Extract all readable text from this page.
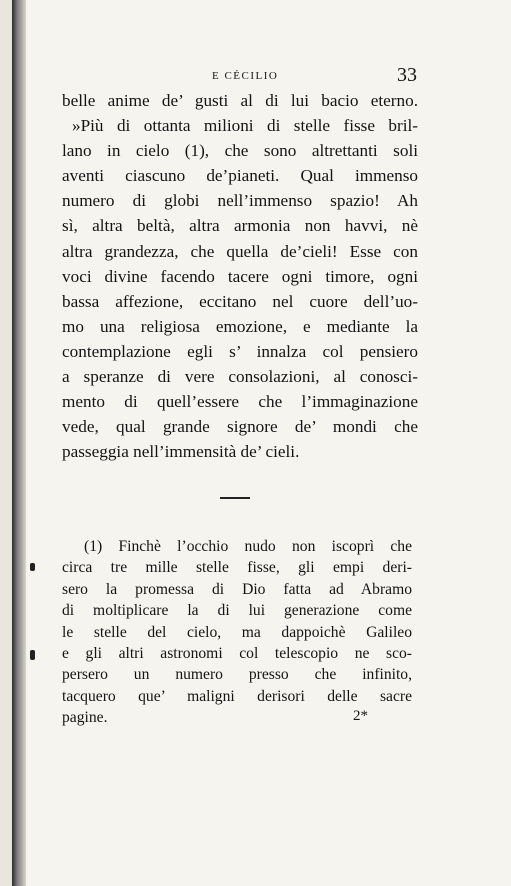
E CÉCILIO	33
belle anime de’ gusti al di lui bacio eterno.
»Più di ottanta milioni di stelle fisse bril-
lano in cielo (1), che sono altrettanti soli
aventi ciascuno de’pianeti. Qual immenso
numero di globi nell’immenso spazio! Ah
sì, altra beltà, altra armonia non havvi, nè
altra grandezza, che quella de’cieli! Esse con
voci divine facendo tacere ogni timore, ogni
bassa affezione, eccitano nel cuore dell’uo-
mo una religiosa emozione, e mediante la
contemplazione egli s’ innalza col pensiero
a speranze di vere consolazioni, al conosci-
mento di quell’essere che l’immaginazione
vede, qual grande signore de’ mondi che
passeggia nell’immensità de’ cieli.
(1) Finchè l’occhio nudo non iscoprì che
circa tre mille stelle fisse, gli empi deri-
sero la promessa di Dio fatta ad Abramo
di moltiplicare la di lui generazione come
le stelle del cielo, ma dappoichè Galileo
e gli altri astronomi col telescopio ne sco-
persero un numero presso che infinito,
tacquero que’ maligni derisori delle sacre
pagine.	2*
